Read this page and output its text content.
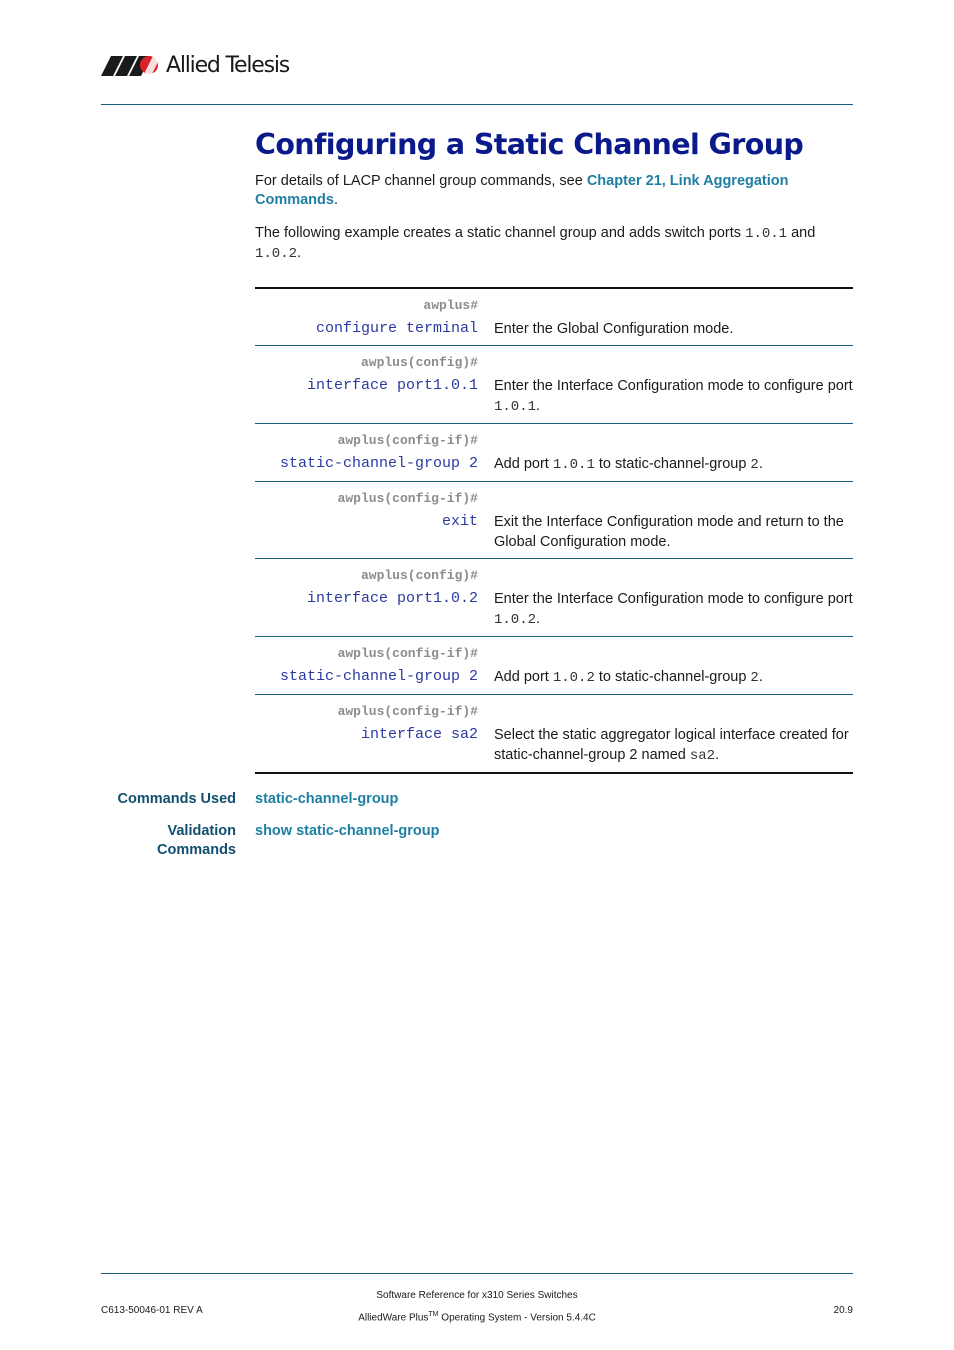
Allied Telesis
Configuring a Static Channel Group

For details of LACP channel group commands, see Chapter 21, Link Aggregation Commands.

The following example creates a static channel group and adds switch ports 1.0.1 and 1.0.2.

awplus#
configure terminal	Enter the Global Configuration mode.

awplus(config)#
interface port1.0.1	Enter the Interface Configuration mode to configure port 1.0.1.

awplus(config-if)#
static-channel-group 2	Add port 1.0.1 to static-channel-group 2.

awplus(config-if)#
exit	Exit the Interface Configuration mode and return to the Global Configuration mode.

awplus(config)#
interface port1.0.2	Enter the Interface Configuration mode to configure port 1.0.2.

awplus(config-if)#
static-channel-group 2	Add port 1.0.2 to static-channel-group 2.

awplus(config-if)#
interface sa2	Select the static aggregator logical interface created for static-channel-group 2 named sa2.
Commands Used static-channel-group
Validation
Commands
show static-channel-group
C613-50046-01 REV A
Software Reference for x310 Series Switches
AlliedWare Plus™ Operating System - Version 5.4.4C
20.9
